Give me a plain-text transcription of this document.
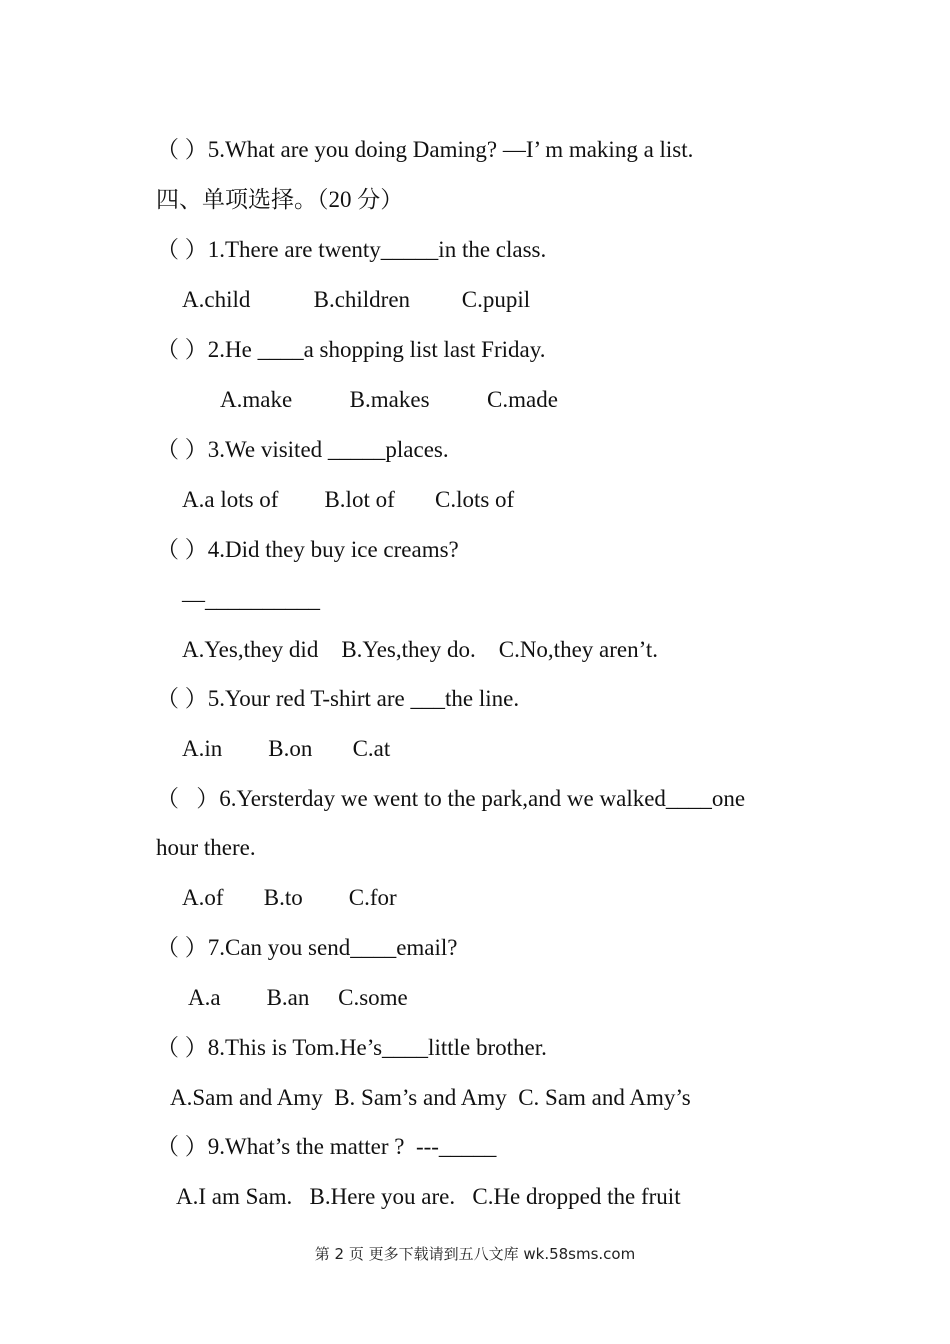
（ ）5.What are you doing Daming? —I’ m making a list.
四、单项选择。（20 分）
（ ）1.There are twenty_____in the class.
A.child           B.children         C.pupil
（ ）2.He ____a shopping list last Friday.
A.make          B.makes          C.made
（ ）3.We visited _____places.
A.a lots of        B.lot of       C.lots of
（ ）4.Did they buy ice creams?
—__________
A.Yes,they did    B.Yes,they do.    C.No,they aren’t.
（ ）5.Your red T-shirt are ___the line.
A.in        B.on       C.at
（   ）6.Yersterday we went to the park,and we walked____one
hour there.
A.of       B.to        C.for
（ ）7.Can you send____email?
A.a        B.an     C.some
（ ）8.This is Tom.He’s____little brother.
A.Sam and Amy  B. Sam’s and Amy  C. Sam and Amy’s
（ ）9.What’s the matter ?  ---_____
A.I am Sam.   B.Here you are.   C.He dropped the fruit
第 2 页 更多下载请到五八文库 wk.58sms.com
